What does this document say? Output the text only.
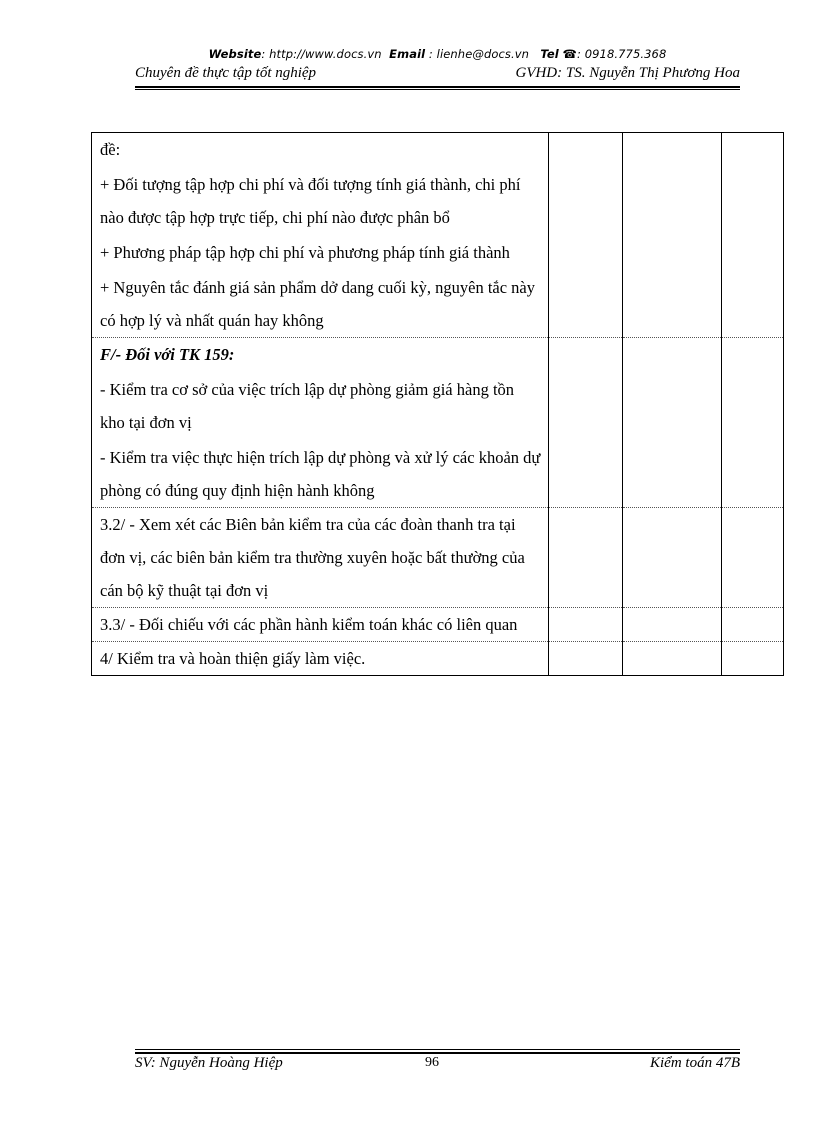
Website: http://www.docs.vn Email : lienhe@docs.vn Tel ☎: 0918.775.368
Chuyên đề thực tập tốt nghiệp	GVHD: TS. Nguyễn Thị Phương Hoa

đề:

+ Đối tượng tập hợp chi phí và đối tượng tính giá thành, chi phí nào được tập hợp trực tiếp, chi phí nào được phân bổ

+ Phương pháp tập hợp chi phí và phương pháp tính giá thành

+ Nguyên tắc đánh giá sản phẩm dở dang cuối kỳ, nguyên tắc này có hợp lý và nhất quán hay không			

F/- Đối với TK 159:

- Kiểm tra cơ sở của việc trích lập dự phòng giảm giá hàng tồn kho tại đơn vị

- Kiểm tra việc thực hiện trích lập dự phòng và xử lý các khoản dự phòng có đúng quy định hiện hành không			

3.2/ - Xem xét các Biên bản kiểm tra của các đoàn thanh tra tại đơn vị, các biên bản kiểm tra thường xuyên hoặc bất thường của cán bộ kỹ thuật tại đơn vị			

3.3/ - Đối chiếu với các phần hành kiểm toán khác có liên quan			

4/ Kiểm tra và hoàn thiện giấy làm việc.			

SV: Nguyễn Hoàng Hiệp	96	Kiểm toán 47B
